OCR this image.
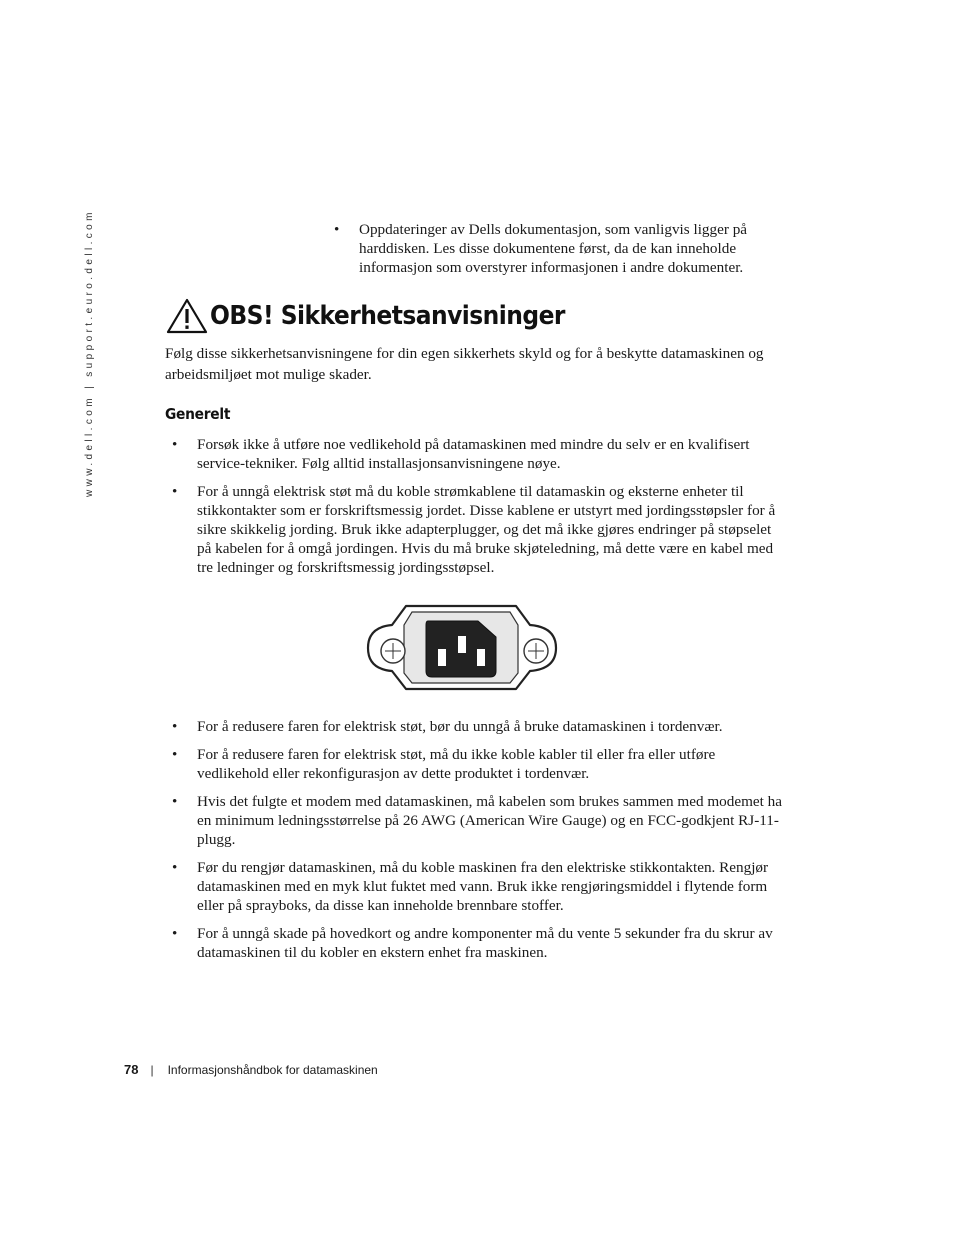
www.dell.com | support.euro.dell.com	• Oppdateringer av Dells dokumentasjon, som vanligvis ligger på harddisken. Les disse dokumentene først, da de kan inneholde informasjon som overstyrer informasjonen i andre dokumenter.
OBS! Sikkerhetsanvisninger

Følg disse sikkerhetsanvisningene for din egen sikkerhets skyld og for å beskytte datamaskinen og arbeidsmiljøet mot mulige skader.

Generelt
• Forsøk ikke å utføre noe vedlikehold på datamaskinen med mindre du selv er en kvalifisert service-tekniker. Følg alltid installasjonsanvisningene nøye.
• For å unngå elektrisk støt må du koble strømkablene til datamaskin og eksterne enheter til stikkontakter som er forskriftsmessig jordet. Disse kablene er utstyrt med jordingsstøpsler for å sikre skikkelig jording. Bruk ikke adapterplugger, og det må ikke gjøres endringer på støpselet på kabelen for å omgå jordingen. Hvis du må bruke skjøteledning, må dette være en kabel med tre ledninger og forskriftsmessig jordingsstøpsel.
• For å redusere faren for elektrisk støt, bør du unngå å bruke datamaskinen i tordenvær.
• For å redusere faren for elektrisk støt, må du ikke koble kabler til eller fra eller utføre vedlikehold eller rekonfigurasjon av dette produktet i tordenvær.
• Hvis det fulgte et modem med datamaskinen, må kabelen som brukes sammen med modemet ha en minimum ledningsstørrelse på 26 AWG (American Wire Gauge) og en FCC-godkjent RJ-11-plugg.
• Før du rengjør datamaskinen, må du koble maskinen fra den elektriske stikkontakten. Rengjør datamaskinen med en myk klut fuktet med vann. Bruk ikke rengjøringsmiddel i flytende form eller på sprayboks, da disse kan inneholde brennbare stoffer.
• For å unngå skade på hovedkort og andre komponenter må du vente 5 sekunder fra du skrur av datamaskinen til du kobler en ekstern enhet fra maskinen.
78 | Informasjonshåndbok for datamaskinen
